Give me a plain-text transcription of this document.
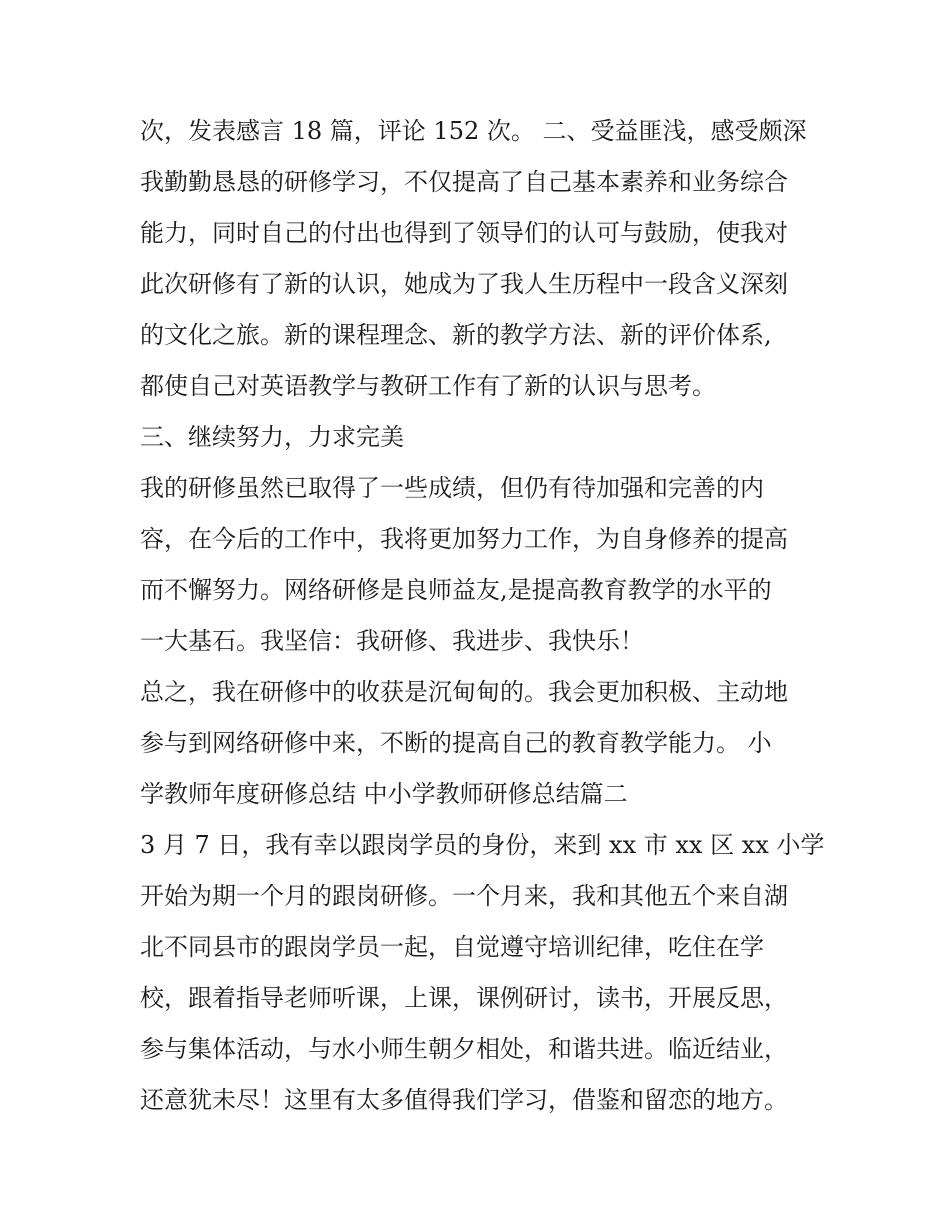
次，发表感言 18 篇，评论 152 次。 二、受益匪浅，感受颇深
我勤勤恳恳的研修学习，不仅提高了自己基本素养和业务综合
能力，同时自己的付出也得到了领导们的认可与鼓励，使我对
此次研修有了新的认识，她成为了我人生历程中一段含义深刻
的文化之旅。新的课程理念、新的教学方法、新的评价体系,
都使自己对英语教学与教研工作有了新的认识与思考。
三、继续努力，力求完美
我的研修虽然已取得了一些成绩，但仍有待加强和完善的内
容，在今后的工作中，我将更加努力工作，为自身修养的提高
而不懈努力。网络研修是良师益友,是提高教育教学的水平的
一大基石。我坚信：我研修、我进步、我快乐！
总之，我在研修中的收获是沉甸甸的。我会更加积极、主动地
参与到网络研修中来，不断的提高自己的教育教学能力。 小
学教师年度研修总结 中小学教师研修总结篇二
3 月 7 日，我有幸以跟岗学员的身份，来到 xx 市 xx 区 xx 小学
开始为期一个月的跟岗研修。一个月来，我和其他五个来自湖
北不同县市的跟岗学员一起，自觉遵守培训纪律，吃住在学
校，跟着指导老师听课，上课，课例研讨，读书，开展反思，
参与集体活动，与水小师生朝夕相处，和谐共进。临近结业，
还意犹未尽！这里有太多值得我们学习，借鉴和留恋的地方。
